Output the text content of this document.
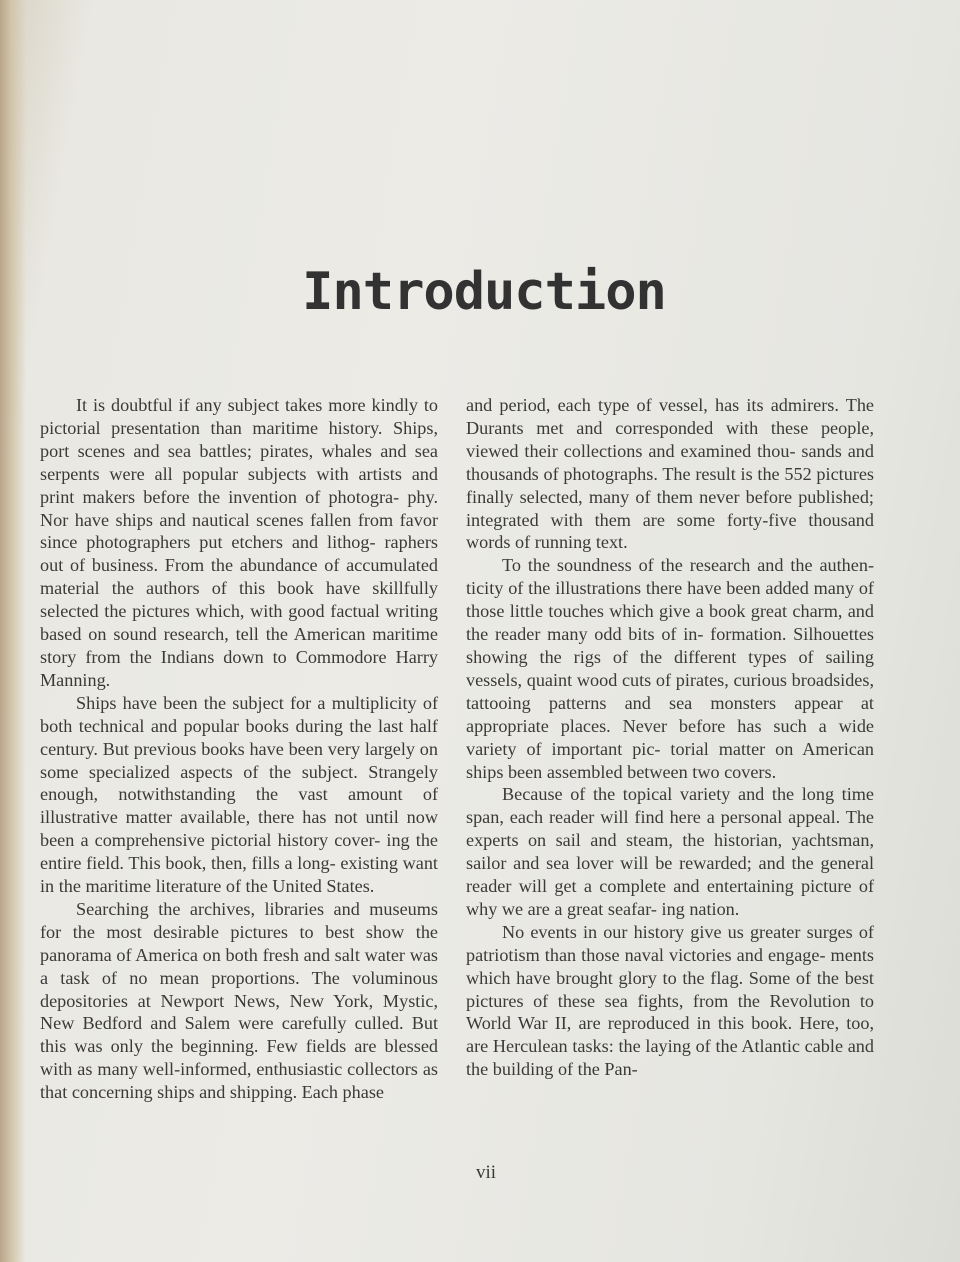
Introduction

It is doubtful if any subject takes more kindly to pictorial presentation than maritime history. Ships, port scenes and sea battles; pirates, whales and sea serpents were all popular subjects with artists and print makers before the invention of photogra- phy. Nor have ships and nautical scenes fallen from favor since photographers put etchers and lithog- raphers out of business. From the abundance of accumulated material the authors of this book have skillfully selected the pictures which, with good factual writing based on sound research, tell the American maritime story from the Indians down to Commodore Harry Manning.

Ships have been the subject for a multiplicity of both technical and popular books during the last half century. But previous books have been very largely on some specialized aspects of the subject. Strangely enough, notwithstanding the vast amount of illustrative matter available, there has not until now been a comprehensive pictorial history cover- ing the entire field. This book, then, fills a long- existing want in the maritime literature of the United States.

Searching the archives, libraries and museums for the most desirable pictures to best show the panorama of America on both fresh and salt water was a task of no mean proportions. The voluminous depositories at Newport News, New York, Mystic, New Bedford and Salem were carefully culled. But this was only the beginning. Few fields are blessed with as many well-informed, enthusiastic collectors as that concerning ships and shipping. Each phase

and period, each type of vessel, has its admirers. The Durants met and corresponded with these people, viewed their collections and examined thou- sands and thousands of photographs. The result is the 552 pictures finally selected, many of them never before published; integrated with them are some forty-five thousand words of running text.

To the soundness of the research and the authen- ticity of the illustrations there have been added many of those little touches which give a book great charm, and the reader many odd bits of in- formation. Silhouettes showing the rigs of the different types of sailing vessels, quaint wood cuts of pirates, curious broadsides, tattooing patterns and sea monsters appear at appropriate places. Never before has such a wide variety of important pic- torial matter on American ships been assembled between two covers.

Because of the topical variety and the long time span, each reader will find here a personal appeal. The experts on sail and steam, the historian, yachtsman, sailor and sea lover will be rewarded; and the general reader will get a complete and entertaining picture of why we are a great seafar- ing nation.

No events in our history give us greater surges of patriotism than those naval victories and engage- ments which have brought glory to the flag. Some of the best pictures of these sea fights, from the Revolution to World War II, are reproduced in this book. Here, too, are Herculean tasks: the laying of the Atlantic cable and the building of the Pan-

vii
